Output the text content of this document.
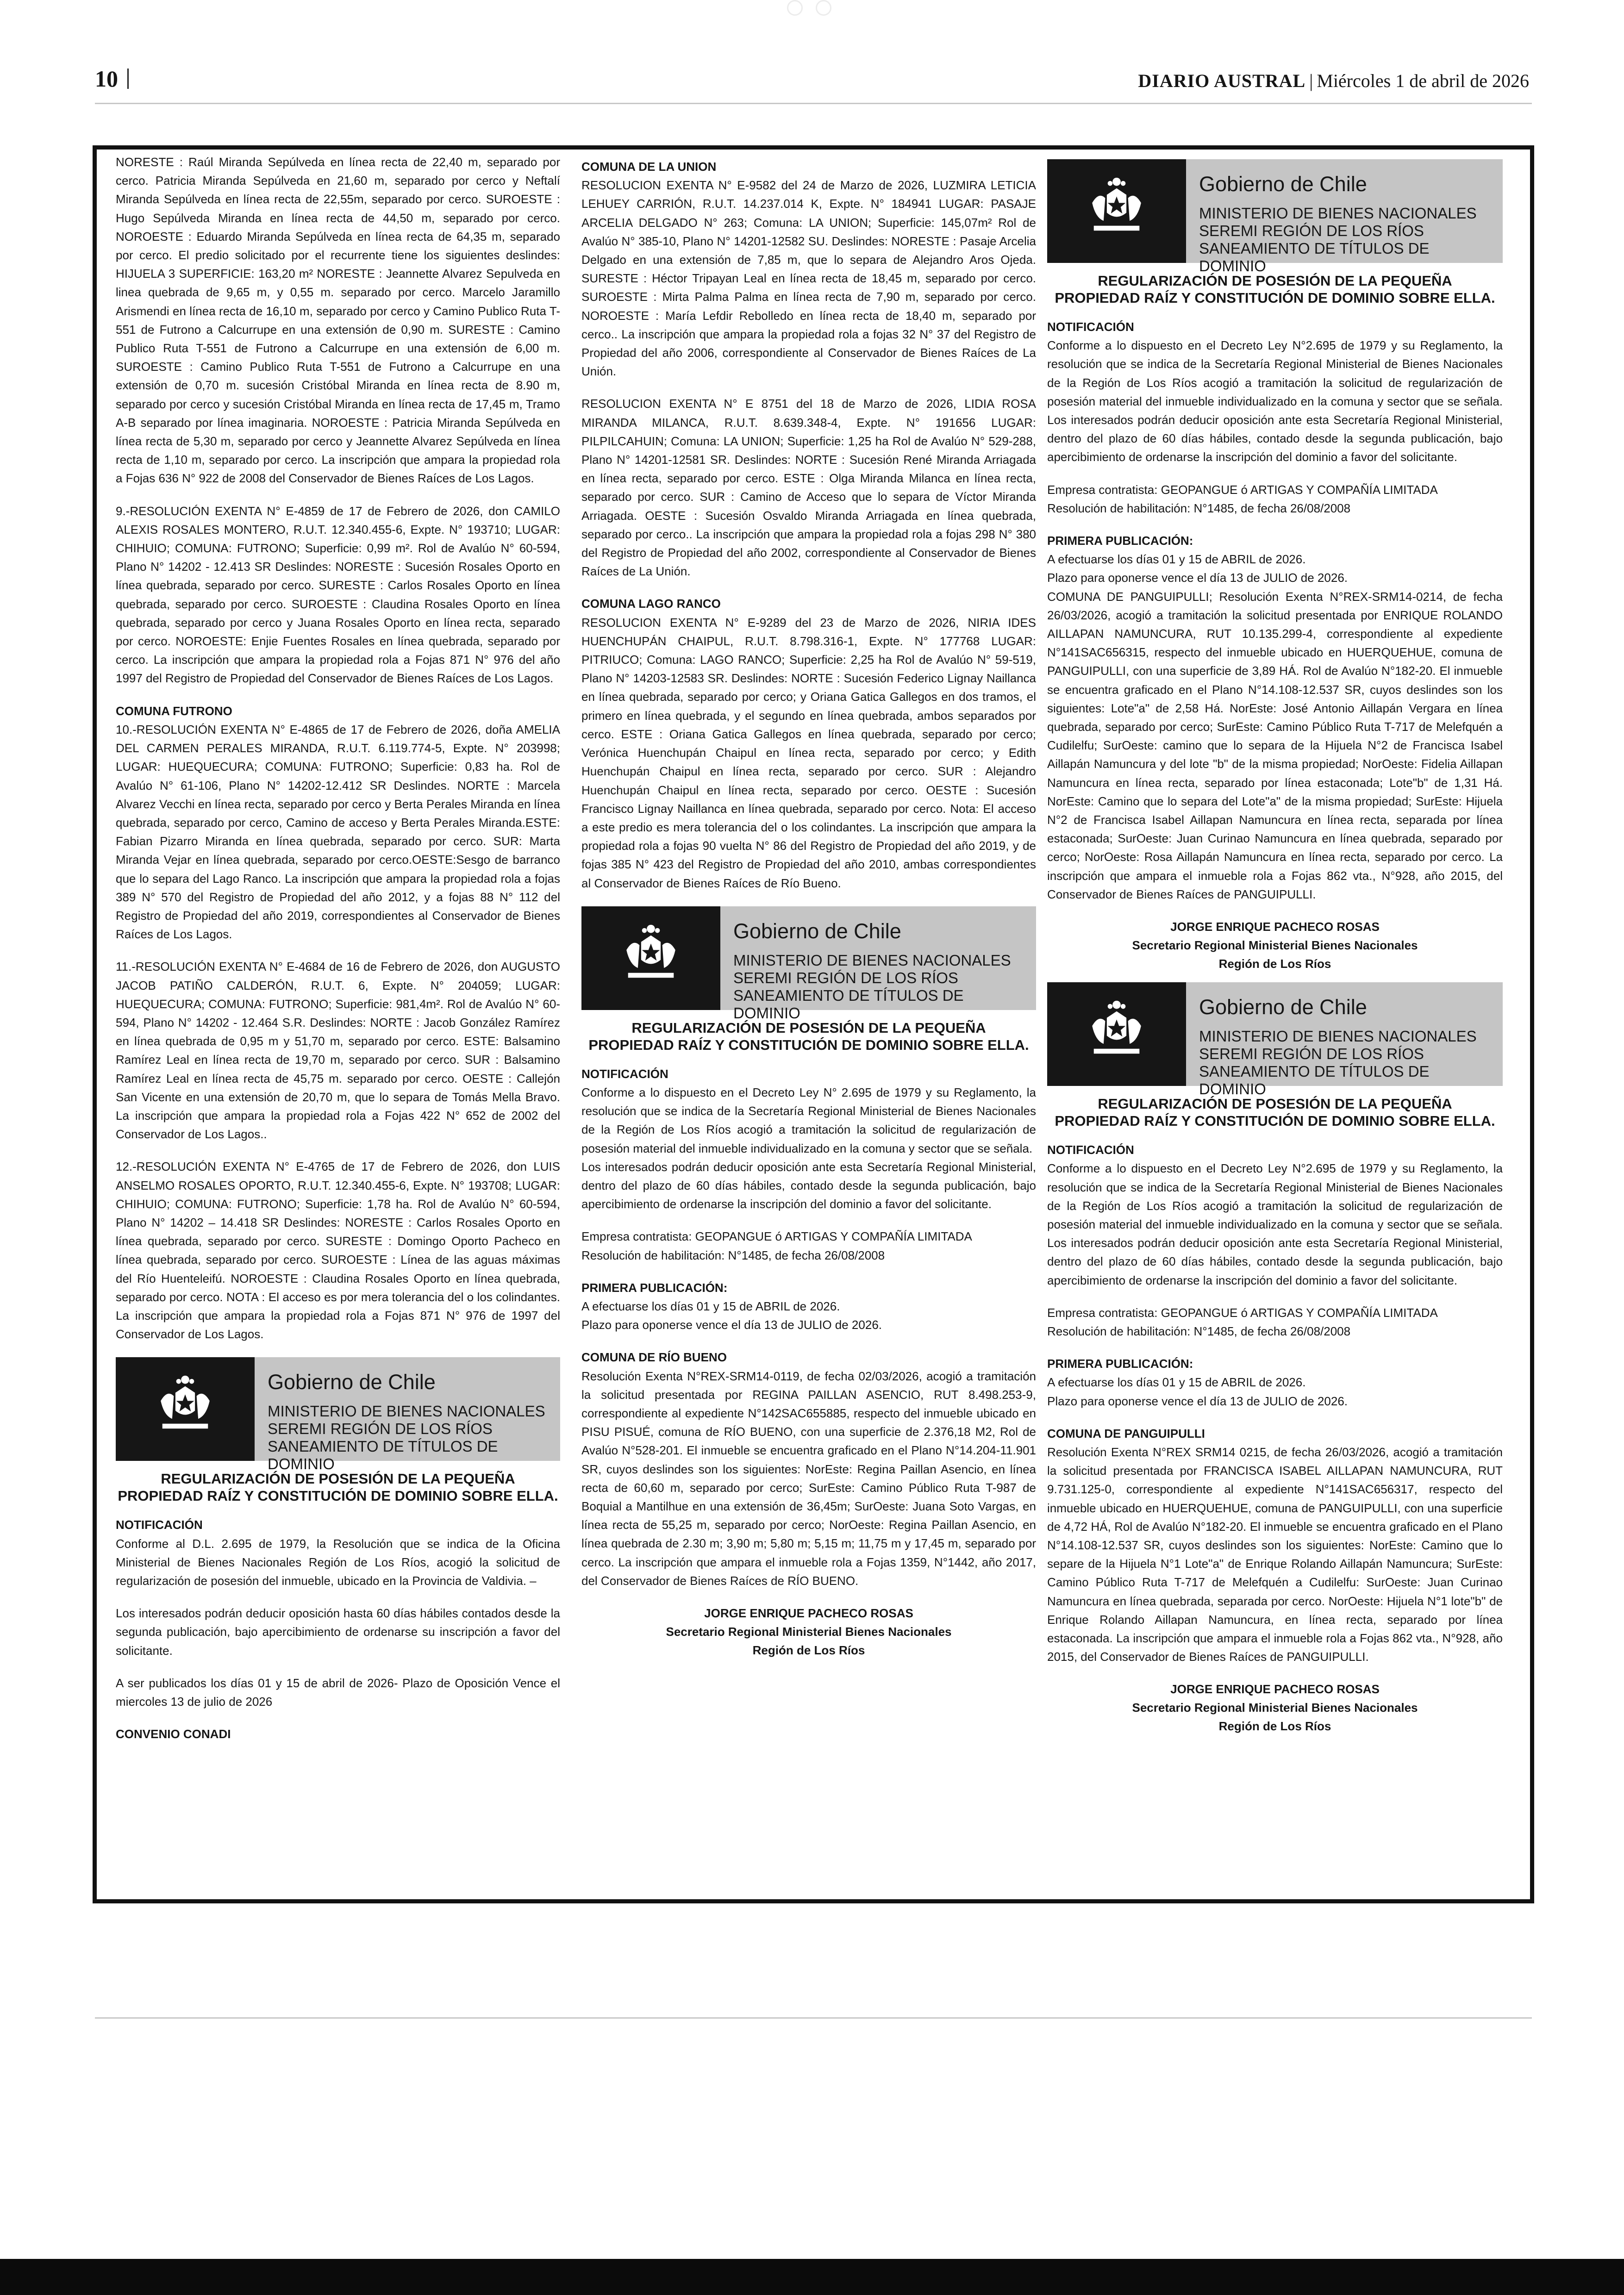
10	DIARIO AUSTRAL | Miércoles 1 de abril de 2026

NORESTE : Raúl Miranda Sepúlveda en línea recta de 22,40 m, separado por cerco. Patricia Miranda Sepúlveda en 21,60 m, separado por cerco y Neftalí Miranda Sepúlveda en línea recta de 22,55m, separado por cerco. SUROESTE : Hugo Sepúlveda Miranda en línea recta de 44,50 m, separado por cerco. NOROESTE : Eduardo Miranda Sepúlveda en línea recta de 64,35 m, separado por cerco. El predio solicitado por el recurrente tiene los siguientes deslindes: HIJUELA 3 SUPERFICIE: 163,20 m² NORESTE : Jeannette Alvarez Sepulveda en linea quebrada de 9,65 m, y 0,55 m. separado por cerco. Marcelo Jaramillo Arismendi en línea recta de 16,10 m, separado por cerco y Camino Publico Ruta T-551 de Futrono a Calcurrupe en una extensión de 0,90 m. SURESTE : Camino Publico Ruta T-551 de Futrono a Calcurrupe en una extensión de 6,00 m. SUROESTE : Camino Publico Ruta T-551 de Futrono a Calcurrupe en una extensión de 0,70 m. sucesión Cristóbal Miranda en línea recta de 8.90 m, separado por cerco y sucesión Cristóbal Miranda en línea recta de 17,45 m, Tramo A-B separado por línea imaginaria. NOROESTE : Patricia Miranda Sepúlveda en línea recta de 5,30 m, separado por cerco y Jeannette Alvarez Sepúlveda en línea recta de 1,10 m, separado por cerco. La inscripción que ampara la propiedad rola a Fojas 636 N° 922 de 2008 del Conservador de Bienes Raíces de Los Lagos.

9.-RESOLUCIÓN EXENTA N° E-4859 de 17 de Febrero de 2026, don CAMILO ALEXIS ROSALES MONTERO, R.U.T. 12.340.455-6, Expte. N° 193710; LUGAR: CHIHUIO; COMUNA: FUTRONO; Superficie: 0,99 m². Rol de Avalúo N° 60-594, Plano N° 14202 - 12.413 SR Deslindes: NORESTE : Sucesión Rosales Oporto en línea quebrada, separado por cerco. SURESTE : Carlos Rosales Oporto en línea quebrada, separado por cerco. SUROESTE : Claudina Rosales Oporto en línea quebrada, separado por cerco y Juana Rosales Oporto en línea recta, separado por cerco. NOROESTE: Enjie Fuentes Rosales en línea quebrada, separado por cerco. La inscripción que ampara la propiedad rola a Fojas 871 N° 976 del año 1997 del Registro de Propiedad del Conservador de Bienes Raíces de Los Lagos.

COMUNA FUTRONO

10.-RESOLUCIÓN EXENTA N° E-4865 de 17 de Febrero de 2026, doña AMELIA DEL CARMEN PERALES MIRANDA, R.U.T. 6.119.774-5, Expte. N° 203998; LUGAR: HUEQUECURA; COMUNA: FUTRONO; Superficie: 0,83 ha. Rol de Avalúo N° 61-106, Plano N° 14202-12.412 SR Deslindes. NORTE : Marcela Alvarez Vecchi en línea recta, separado por cerco y Berta Perales Miranda en línea quebrada, separado por cerco, Camino de acceso y Berta Perales Miranda.ESTE: Fabian Pizarro Miranda en línea quebrada, separado por cerco. SUR: Marta Miranda Vejar en línea quebrada, separado por cerco.OESTE:Sesgo de barranco que lo separa del Lago Ranco. La inscripción que ampara la propiedad rola a fojas 389 N° 570 del Registro de Propiedad del año 2012, y a fojas 88 N° 112 del Registro de Propiedad del año 2019, correspondientes al Conservador de Bienes Raíces de Los Lagos.

11.-RESOLUCIÓN EXENTA N° E-4684 de 16 de Febrero de 2026, don AUGUSTO JACOB PATIÑO CALDERÓN, R.U.T. 6, Expte. N° 204059; LUGAR: HUEQUECURA; COMUNA: FUTRONO; Superficie: 981,4m². Rol de Avalúo N° 60-594, Plano N° 14202 - 12.464 S.R. Deslindes: NORTE : Jacob González Ramírez en línea quebrada de 0,95 m y 51,70 m, separado por cerco. ESTE: Balsamino Ramírez Leal en línea recta de 19,70 m, separado por cerco. SUR : Balsamino Ramírez Leal en línea recta de 45,75 m. separado por cerco. OESTE : Callejón San Vicente en una extensión de 20,70 m, que lo separa de Tomás Mella Bravo. La inscripción que ampara la propiedad rola a Fojas 422 N° 652 de 2002 del Conservador de Los Lagos..

12.-RESOLUCIÓN EXENTA N° E-4765 de 17 de Febrero de 2026, don LUIS ANSELMO ROSALES OPORTO, R.U.T. 12.340.455-6, Expte. N° 193708; LUGAR: CHIHUIO; COMUNA: FUTRONO; Superficie: 1,78 ha. Rol de Avalúo N° 60-594, Plano N° 14202 – 14.418 SR Deslindes: NORESTE : Carlos Rosales Oporto en línea quebrada, separado por cerco. SURESTE : Domingo Oporto Pacheco en línea quebrada, separado por cerco. SUROESTE : Línea de las aguas máximas del Río Huenteleifú. NOROESTE : Claudina Rosales Oporto en línea quebrada, separado por cerco. NOTA : El acceso es por mera tolerancia del o los colindantes. La inscripción que ampara la propiedad rola a Fojas 871 N° 976 de 1997 del Conservador de Los Lagos.

Gobierno de Chile
MINISTERIO DE BIENES NACIONALES
SEREMI REGIÓN DE LOS RÍOS
SANEAMIENTO DE TÍTULOS DE DOMINIO
REGULARIZACIÓN DE POSESIÓN DE LA PEQUEÑA
PROPIEDAD RAÍZ Y CONSTITUCIÓN DE DOMINIO SOBRE ELLA.
NOTIFICACIÓN

Conforme al D.L. 2.695 de 1979, la Resolución que se indica de la Oficina Ministerial de Bienes Nacionales Región de Los Ríos, acogió la solicitud de regularización de posesión del inmueble, ubicado en la Provincia de Valdivia. –

Los interesados podrán deducir oposición hasta 60 días hábiles contados desde la segunda publicación, bajo apercibimiento de ordenarse su inscripción a favor del solicitante.

A ser publicados los días 01 y 15 de abril de 2026- Plazo de Oposición Vence el miercoles 13 de julio de 2026

CONVENIO CONADI
COMUNA DE LA UNION

RESOLUCION EXENTA N° E-9582 del 24 de Marzo de 2026, LUZMIRA LETICIA LEHUEY CARRIÓN, R.U.T. 14.237.014 K, Expte. N° 184941 LUGAR: PASAJE ARCELIA DELGADO N° 263; Comuna: LA UNION; Superficie: 145,07m² Rol de Avalúo N° 385-10, Plano N° 14201-12582 SU. Deslindes: NORESTE : Pasaje Arcelia Delgado en una extensión de 7,85 m, que lo separa de Alejandro Aros Ojeda. SURESTE : Héctor Tripayan Leal en línea recta de 18,45 m, separado por cerco. SUROESTE : Mirta Palma Palma en línea recta de 7,90 m, separado por cerco. NOROESTE : María Lefdir Rebolledo en línea recta de 18,40 m, separado por cerco.. La inscripción que ampara la propiedad rola a fojas 32 N° 37 del Registro de Propiedad del año 2006, correspondiente al Conservador de Bienes Raíces de La Unión.

RESOLUCION EXENTA N° E 8751 del 18 de Marzo de 2026, LIDIA ROSA MIRANDA MILANCA, R.U.T. 8.639.348-4, Expte. N° 191656 LUGAR: PILPILCAHUIN; Comuna: LA UNION; Superficie: 1,25 ha Rol de Avalúo N° 529-288, Plano N° 14201-12581 SR. Deslindes: NORTE : Sucesión René Miranda Arriagada en línea recta, separado por cerco. ESTE : Olga Miranda Milanca en línea recta, separado por cerco. SUR : Camino de Acceso que lo separa de Víctor Miranda Arriagada. OESTE : Sucesión Osvaldo Miranda Arriagada en línea quebrada, separado por cerco.. La inscripción que ampara la propiedad rola a fojas 298 N° 380 del Registro de Propiedad del año 2002, correspondiente al Conservador de Bienes Raíces de La Unión.

COMUNA LAGO RANCO

RESOLUCION EXENTA N° E-9289 del 23 de Marzo de 2026, NIRIA IDES HUENCHUPÁN CHAIPUL, R.U.T. 8.798.316-1, Expte. N° 177768 LUGAR: PITRIUCO; Comuna: LAGO RANCO; Superficie: 2,25 ha Rol de Avalúo N° 59-519, Plano N° 14203-12583 SR. Deslindes: NORTE : Sucesión Federico Lignay Naillanca en línea quebrada, separado por cerco; y Oriana Gatica Gallegos en dos tramos, el primero en línea quebrada, y el segundo en línea quebrada, ambos separados por cerco. ESTE : Oriana Gatica Gallegos en línea quebrada, separado por cerco; Verónica Huenchupán Chaipul en línea recta, separado por cerco; y Edith Huenchupán Chaipul en línea recta, separado por cerco. SUR : Alejandro Huenchupán Chaipul en línea recta, separado por cerco. OESTE : Sucesión Francisco Lignay Naillanca en línea quebrada, separado por cerco. Nota: El acceso a este predio es mera tolerancia del o los colindantes. La inscripción que ampara la propiedad rola a fojas 90 vuelta N° 86 del Registro de Propiedad del año 2019, y de fojas 385 N° 423 del Registro de Propiedad del año 2010, ambas correspondientes al Conservador de Bienes Raíces de Río Bueno.

Gobierno de Chile
MINISTERIO DE BIENES NACIONALES
SEREMI REGIÓN DE LOS RÍOS
SANEAMIENTO DE TÍTULOS DE DOMINIO
REGULARIZACIÓN DE POSESIÓN DE LA PEQUEÑA
PROPIEDAD RAÍZ Y CONSTITUCIÓN DE DOMINIO SOBRE ELLA.
NOTIFICACIÓN

Conforme a lo dispuesto en el Decreto Ley N° 2.695 de 1979 y su Reglamento, la resolución que se indica de la Secretaría Regional Ministerial de Bienes Nacionales de la Región de Los Ríos acogió a tramitación la solicitud de regularización de posesión material del inmueble individualizado en la comuna y sector que se señala.

Los interesados podrán deducir oposición ante esta Secretaría Regional Ministerial, dentro del plazo de 60 días hábiles, contado desde la segunda publicación, bajo apercibimiento de ordenarse la inscripción del dominio a favor del solicitante.

Empresa contratista: GEOPANGUE ó ARTIGAS Y COMPAÑÍA LIMITADA

Resolución de habilitación: N°1485, de fecha 26/08/2008

PRIMERA PUBLICACIÓN:

A efectuarse los días 01 y 15 de ABRIL de 2026.

Plazo para oponerse vence el día 13 de JULIO de 2026.

COMUNA DE RÍO BUENO

Resolución Exenta N°REX-SRM14-0119, de fecha 02/03/2026, acogió a tramitación la solicitud presentada por REGINA PAILLAN ASENCIO, RUT 8.498.253-9, correspondiente al expediente N°142SAC655885, respecto del inmueble ubicado en PISU PISUÉ, comuna de RÍO BUENO, con una superficie de 2.376,18 M2, Rol de Avalúo N°528-201. El inmueble se encuentra graficado en el Plano N°14.204-11.901 SR, cuyos deslindes son los siguientes: NorEste: Regina Paillan Asencio, en línea recta de 60,60 m, separado por cerco; SurEste: Camino Público Ruta T-987 de Boquial a Mantilhue en una extensión de 36,45m; SurOeste: Juana Soto Vargas, en línea recta de 55,25 m, separado por cerco; NorOeste: Regina Paillan Asencio, en línea quebrada de 2.30 m; 3,90 m; 5,80 m; 5,15 m; 11,75 m y 17,45 m, separado por cerco. La inscripción que ampara el inmueble rola a Fojas 1359, N°1442, año 2017, del Conservador de Bienes Raíces de RÍO BUENO.

JORGE ENRIQUE PACHECO ROSAS
Secretario Regional Ministerial Bienes Nacionales
Región de Los Ríos
Gobierno de Chile
MINISTERIO DE BIENES NACIONALES
SEREMI REGIÓN DE LOS RÍOS
SANEAMIENTO DE TÍTULOS DE DOMINIO
REGULARIZACIÓN DE POSESIÓN DE LA PEQUEÑA
PROPIEDAD RAÍZ Y CONSTITUCIÓN DE DOMINIO SOBRE ELLA.
NOTIFICACIÓN

Conforme a lo dispuesto en el Decreto Ley N°2.695 de 1979 y su Reglamento, la resolución que se indica de la Secretaría Regional Ministerial de Bienes Nacionales de la Región de Los Ríos acogió a tramitación la solicitud de regularización de posesión material del inmueble individualizado en la comuna y sector que se señala. Los interesados podrán deducir oposición ante esta Secretaría Regional Ministerial, dentro del plazo de 60 días hábiles, contado desde la segunda publicación, bajo apercibimiento de ordenarse la inscripción del dominio a favor del solicitante.

Empresa contratista: GEOPANGUE ó ARTIGAS Y COMPAÑÍA LIMITADA

Resolución de habilitación: N°1485, de fecha 26/08/2008

PRIMERA PUBLICACIÓN:

A efectuarse los días 01 y 15 de ABRIL de 2026.

Plazo para oponerse vence el día 13 de JULIO de 2026.

COMUNA DE PANGUIPULLI; Resolución Exenta N°REX-SRM14-0214, de fecha 26/03/2026, acogió a tramitación la solicitud presentada por ENRIQUE ROLANDO AILLAPAN NAMUNCURA, RUT 10.135.299-4, correspondiente al expediente N°141SAC656315, respecto del inmueble ubicado en HUERQUEHUE, comuna de PANGUIPULLI, con una superficie de 3,89 HÁ. Rol de Avalúo N°182-20. El inmueble se encuentra graficado en el Plano N°14.108-12.537 SR, cuyos deslindes son los siguientes: Lote"a" de 2,58 Há. NorEste: José Antonio Aillapán Vergara en línea quebrada, separado por cerco; SurEste: Camino Público Ruta T-717 de Melefquén a Cudilelfu; SurOeste: camino que lo separa de la Hijuela N°2 de Francisca Isabel Aillapán Namuncura y del lote "b" de la misma propiedad; NorOeste: Fidelia Aillapan Namuncura en línea recta, separado por línea estaconada; Lote"b" de 1,31 Há. NorEste: Camino que lo separa del Lote"a" de la misma propiedad; SurEste: Hijuela N°2 de Francisca Isabel Aillapan Namuncura en línea recta, separada por línea estaconada; SurOeste: Juan Curinao Namuncura en línea quebrada, separado por cerco; NorOeste: Rosa Aillapán Namuncura en línea recta, separado por cerco. La inscripción que ampara el inmueble rola a Fojas 862 vta., N°928, año 2015, del Conservador de Bienes Raíces de PANGUIPULLI.

JORGE ENRIQUE PACHECO ROSAS
Secretario Regional Ministerial Bienes Nacionales
Región de Los Ríos
Gobierno de Chile
MINISTERIO DE BIENES NACIONALES
SEREMI REGIÓN DE LOS RÍOS
SANEAMIENTO DE TÍTULOS DE DOMINIO
REGULARIZACIÓN DE POSESIÓN DE LA PEQUEÑA
PROPIEDAD RAÍZ Y CONSTITUCIÓN DE DOMINIO SOBRE ELLA.
NOTIFICACIÓN

Conforme a lo dispuesto en el Decreto Ley N°2.695 de 1979 y su Reglamento, la resolución que se indica de la Secretaría Regional Ministerial de Bienes Nacionales de la Región de Los Ríos acogió a tramitación la solicitud de regularización de posesión material del inmueble individualizado en la comuna y sector que se señala. Los interesados podrán deducir oposición ante esta Secretaría Regional Ministerial, dentro del plazo de 60 días hábiles, contado desde la segunda publicación, bajo apercibimiento de ordenarse la inscripción del dominio a favor del solicitante.

Empresa contratista: GEOPANGUE ó ARTIGAS Y COMPAÑÍA LIMITADA

Resolución de habilitación: N°1485, de fecha 26/08/2008

PRIMERA PUBLICACIÓN:

A efectuarse los días 01 y 15 de ABRIL de 2026.

Plazo para oponerse vence el día 13 de JULIO de 2026.

COMUNA DE PANGUIPULLI

Resolución Exenta N°REX SRM14 0215, de fecha 26/03/2026, acogió a tramitación la solicitud presentada por FRANCISCA ISABEL AILLAPAN NAMUNCURA, RUT 9.731.125-0, correspondiente al expediente N°141SAC656317, respecto del inmueble ubicado en HUERQUEHUE, comuna de PANGUIPULLI, con una superficie de 4,72 HÁ, Rol de Avalúo N°182-20. El inmueble se encuentra graficado en el Plano N°14.108-12.537 SR, cuyos deslindes son los siguientes: NorEste: Camino que lo separe de la Hijuela N°1 Lote"a" de Enrique Rolando Aillapán Namuncura; SurEste: Camino Público Ruta T-717 de Melefquén a Cudilelfu: SurOeste: Juan Curinao Namuncura en línea quebrada, separada por cerco. NorOeste: Hijuela N°1 lote"b" de Enrique Rolando Aillapan Namuncura, en línea recta, separado por línea estaconada. La inscripción que ampara el inmueble rola a Fojas 862 vta., N°928, año 2015, del Conservador de Bienes Raíces de PANGUIPULLI.

JORGE ENRIQUE PACHECO ROSAS
Secretario Regional Ministerial Bienes Nacionales
Región de Los Ríos
